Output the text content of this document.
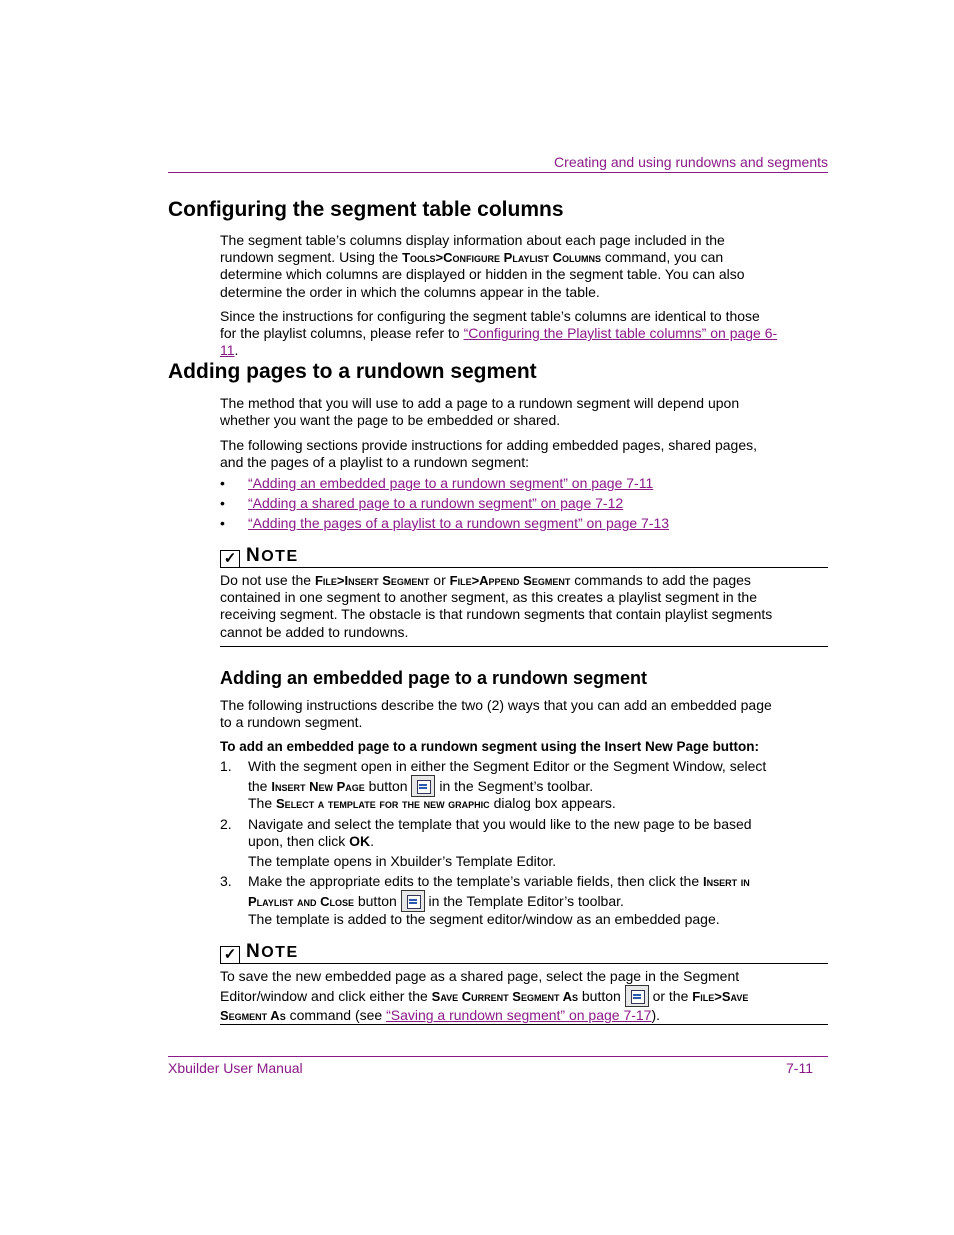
Creating and using rundowns and segments
Configuring the segment table columns
The segment table’s columns display information about each page included in the rundown segment. Using the Tools>Configure Playlist Columns command, you can determine which columns are displayed or hidden in the segment table. You can also determine the order in which the columns appear in the table.
Since the instructions for configuring the segment table’s columns are identical to those for the playlist columns, please refer to “Configuring the Playlist table columns” on page 6-11.
Adding pages to a rundown segment
The method that you will use to add a page to a rundown segment will depend upon whether you want the page to be embedded or shared.
The following sections provide instructions for adding embedded pages, shared pages, and the pages of a playlist to a rundown segment:
• “Adding an embedded page to a rundown segment” on page 7-11
• “Adding a shared page to a rundown segment” on page 7-12
• “Adding the pages of a playlist to a rundown segment” on page 7-13
✓ NOTE
Do not use the File>Insert Segment or File>Append Segment commands to add the pages contained in one segment to another segment, as this creates a playlist segment in the receiving segment. The obstacle is that rundown segments that contain playlist segments cannot be added to rundowns.
Adding an embedded page to a rundown segment
The following instructions describe the two (2) ways that you can add an embedded page to a rundown segment.
To add an embedded page to a rundown segment using the Insert New Page button:
1.	With the segment open in either the Segment Editor or the Segment Window, select the Insert New Page button  in the Segment’s toolbar.
The Select a template for the new graphic dialog box appears.
2.	Navigate and select the template that you would like to the new page to be based upon, then click OK.
The template opens in Xbuilder’s Template Editor.
3.	Make the appropriate edits to the template’s variable fields, then click the Insert in Playlist and Close button  in the Template Editor’s toolbar.
The template is added to the segment editor/window as an embedded page.
✓ NOTE
To save the new embedded page as a shared page, select the page in the Segment Editor/window and click either the Save Current Segment As button  or the File>Save Segment As command (see “Saving a rundown segment” on page 7-17).
Xbuilder User Manual	7-11
